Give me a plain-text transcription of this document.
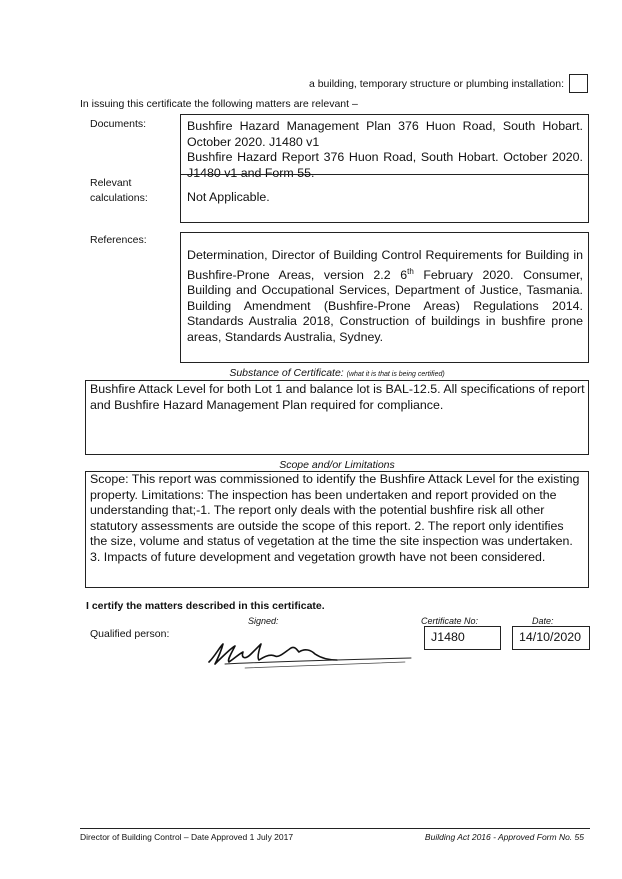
a building, temporary structure or plumbing installation:
In issuing this certificate the following matters are relevant –
Documents:	Bushfire Hazard Management Plan 376 Huon Road, South Hobart. October 2020. J1480 v1
Bushfire Hazard Report 376 Huon Road, South Hobart. October 2020. J1480 v1 and Form 55.
Relevant calculations:	Not Applicable.
References:
Determination, Director of Building Control Requirements for Building in Bushfire-Prone Areas, version 2.2 6th February 2020. Consumer, Building and Occupational Services, Department of Justice, Tasmania. Building Amendment (Bushfire-Prone Areas) Regulations 2014. Standards Australia 2018, Construction of buildings in bushfire prone areas, Standards Australia, Sydney.
Substance of Certificate: (what it is that is being certified)
Bushfire Attack Level for both Lot 1 and balance lot is BAL-12.5. All specifications of report and Bushfire Hazard Management Plan required for compliance.
Scope and/or Limitations
Scope: This report was commissioned to identify the Bushfire Attack Level for the existing property. Limitations: The inspection has been undertaken and report provided on the understanding that;-1. The report only deals with the potential bushfire risk all other statutory assessments are outside the scope of this report. 2. The report only identifies the size, volume and status of vegetation at the time the site inspection was undertaken. 3. Impacts of future development and vegetation growth have not been considered.
I certify the matters described in this certificate.
Qualified person:
Signed:	Certificate No:
J1480
Date:
14/10/2020
Director of Building Control – Date Approved 1 July 2017	Building Act 2016 - Approved Form No. 55
